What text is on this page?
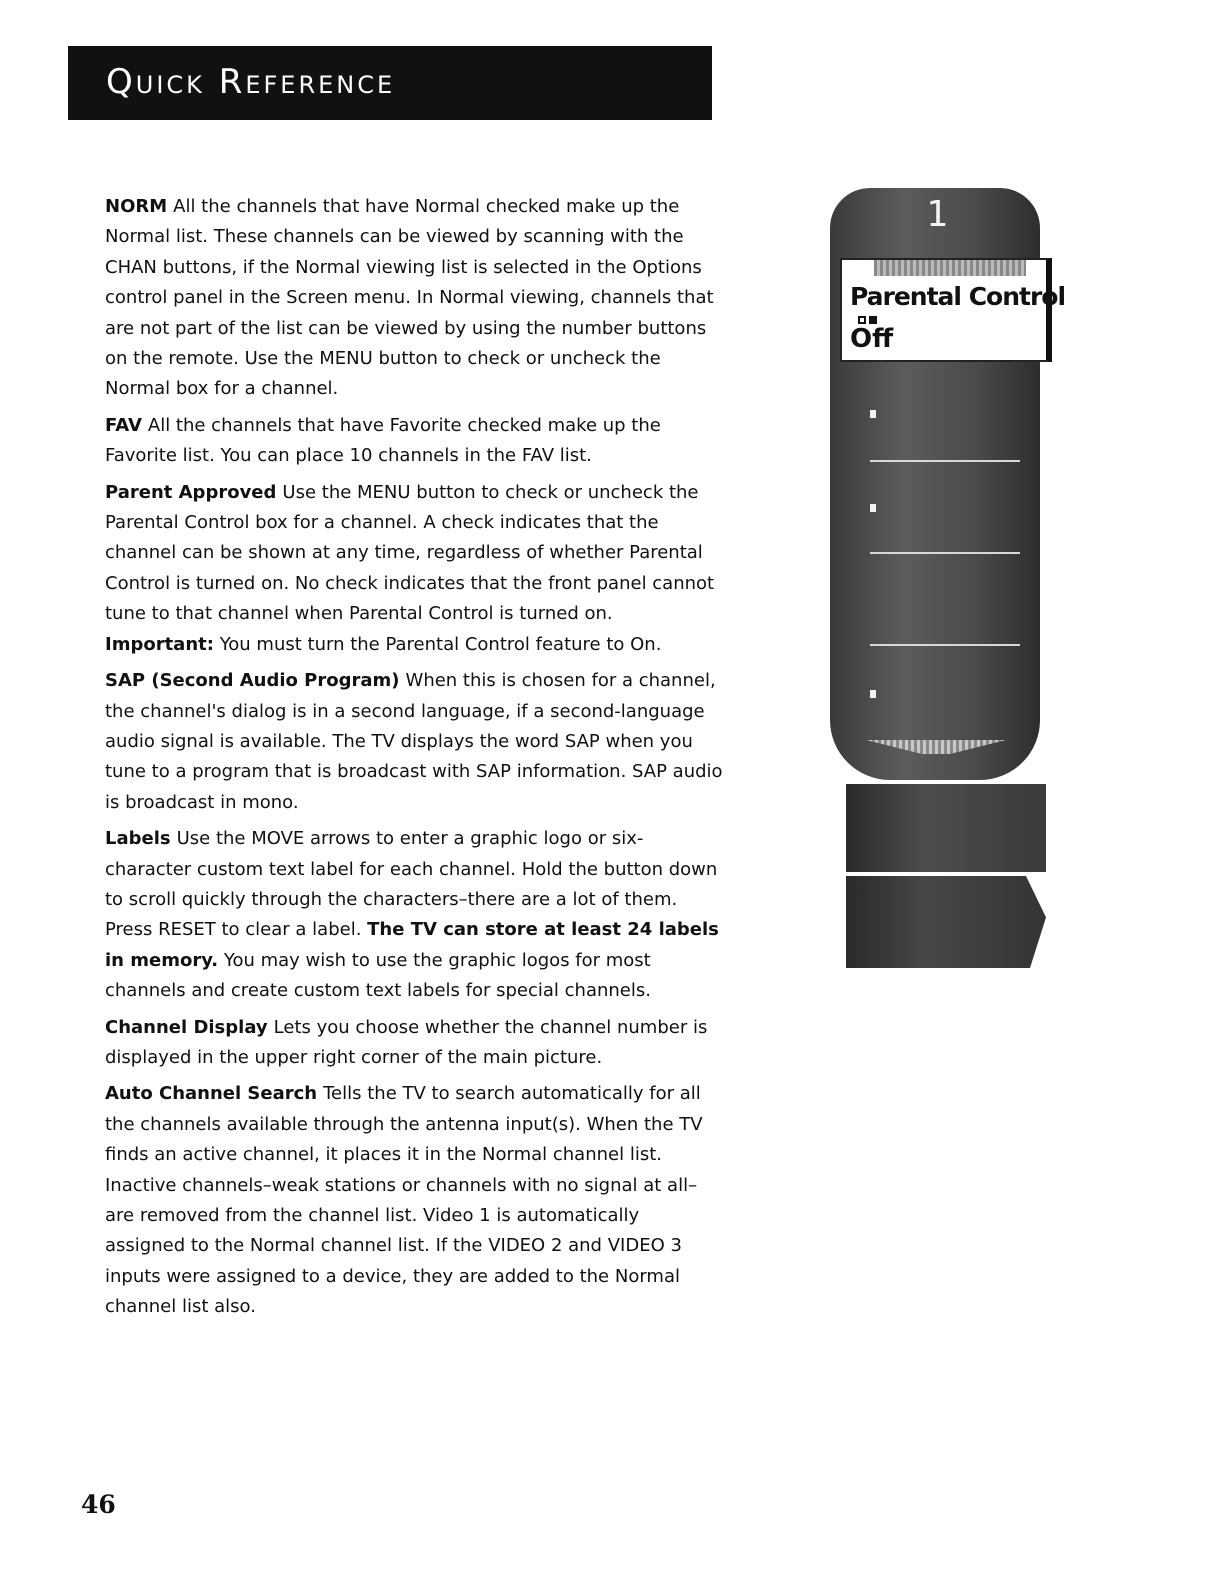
Quick Reference

NORM All the channels that have Normal checked make up the Normal list. These channels can be viewed by scanning with the CHAN buttons, if the Normal viewing list is selected in the Options control panel in the Screen menu. In Normal viewing, channels that are not part of the list can be viewed by using the number buttons on the remote. Use the MENU button to check or uncheck the Normal box for a channel.

FAV All the channels that have Favorite checked make up the Favorite list. You can place 10 channels in the FAV list.

Parent Approved Use the MENU button to check or uncheck the Parental Control box for a channel. A check indicates that the channel can be shown at any time, regardless of whether Parental Control is turned on. No check indicates that the front panel cannot tune to that channel when Parental Control is turned on. Important: You must turn the Parental Control feature to On.

SAP (Second Audio Program) When this is chosen for a channel, the channel's dialog is in a second language, if a second-language audio signal is available. The TV displays the word SAP when you tune to a program that is broadcast with SAP information. SAP audio is broadcast in mono.

Labels Use the MOVE arrows to enter a graphic logo or six-character custom text label for each channel. Hold the button down to scroll quickly through the characters–there are a lot of them. Press RESET to clear a label. The TV can store at least 24 labels in memory. You may wish to use the graphic logos for most channels and create custom text labels for special channels.

Channel Display Lets you choose whether the channel number is displayed in the upper right corner of the main picture.

Auto Channel Search Tells the TV to search automatically for all the channels available through the antenna input(s). When the TV finds an active channel, it places it in the Normal channel list. Inactive channels–weak stations or channels with no signal at all–are removed from the channel list. Video 1 is automatically assigned to the Normal channel list. If the VIDEO 2 and VIDEO 3 inputs were assigned to a device, they are added to the Normal channel list also.

1
Parental Control
Off
46
